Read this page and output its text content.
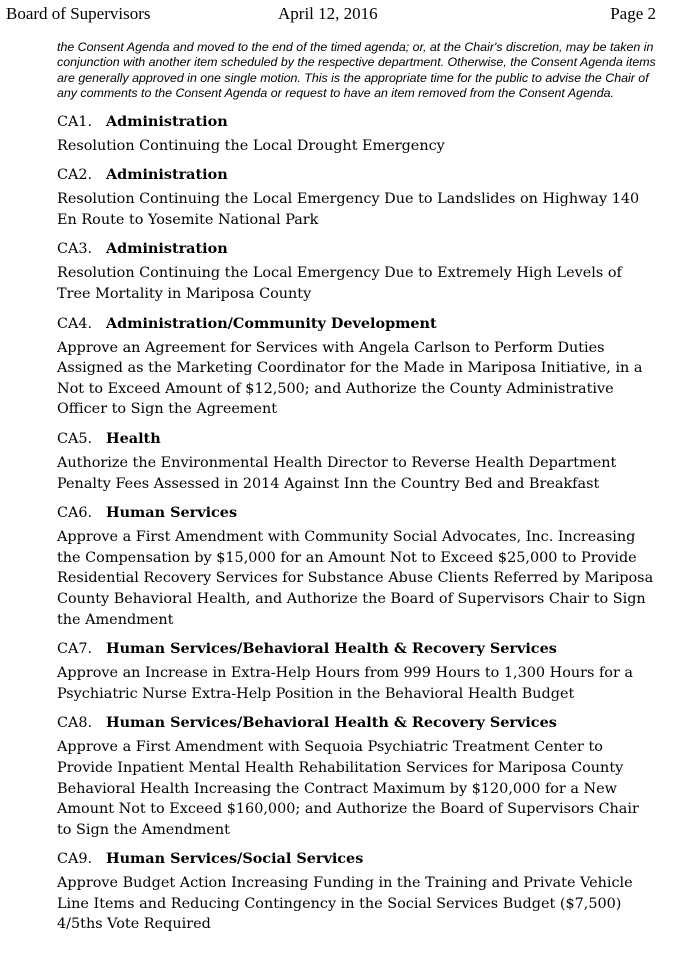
Board of Supervisors	April 12, 2016	Page 2

the Consent Agenda and moved to the end of the timed agenda; or, at the Chair's discretion, may be taken in conjunction with another item scheduled by the respective department. Otherwise, the Consent Agenda items are generally approved in one single motion. This is the appropriate time for the public to advise the Chair of any comments to the Consent Agenda or request to have an item removed from the Consent Agenda.

CA1. Administration
Resolution Continuing the Local Drought Emergency
CA2. Administration
Resolution Continuing the Local Emergency Due to Landslides on Highway 140 En Route to Yosemite National Park
CA3. Administration
Resolution Continuing the Local Emergency Due to Extremely High Levels of Tree Mortality in Mariposa County
CA4. Administration/Community Development
Approve an Agreement for Services with Angela Carlson to Perform Duties Assigned as the Marketing Coordinator for the Made in Mariposa Initiative, in a Not to Exceed Amount of $12,500; and Authorize the County Administrative Officer to Sign the Agreement
CA5. Health
Authorize the Environmental Health Director to Reverse Health Department Penalty Fees Assessed in 2014 Against Inn the Country Bed and Breakfast
CA6. Human Services
Approve a First Amendment with Community Social Advocates, Inc. Increasing the Compensation by $15,000 for an Amount Not to Exceed $25,000 to Provide Residential Recovery Services for Substance Abuse Clients Referred by Mariposa County Behavioral Health, and Authorize the Board of Supervisors Chair to Sign the Amendment
CA7. Human Services/Behavioral Health & Recovery Services
Approve an Increase in Extra-Help Hours from 999 Hours to 1,300 Hours for a Psychiatric Nurse Extra-Help Position in the Behavioral Health Budget
CA8. Human Services/Behavioral Health & Recovery Services
Approve a First Amendment with Sequoia Psychiatric Treatment Center to Provide Inpatient Mental Health Rehabilitation Services for Mariposa County Behavioral Health Increasing the Contract Maximum by $120,000 for a New Amount Not to Exceed $160,000; and Authorize the Board of Supervisors Chair to Sign the Amendment
CA9. Human Services/Social Services
Approve Budget Action Increasing Funding in the Training and Private Vehicle Line Items and Reducing Contingency in the Social Services Budget ($7,500) 4/5ths Vote Required
